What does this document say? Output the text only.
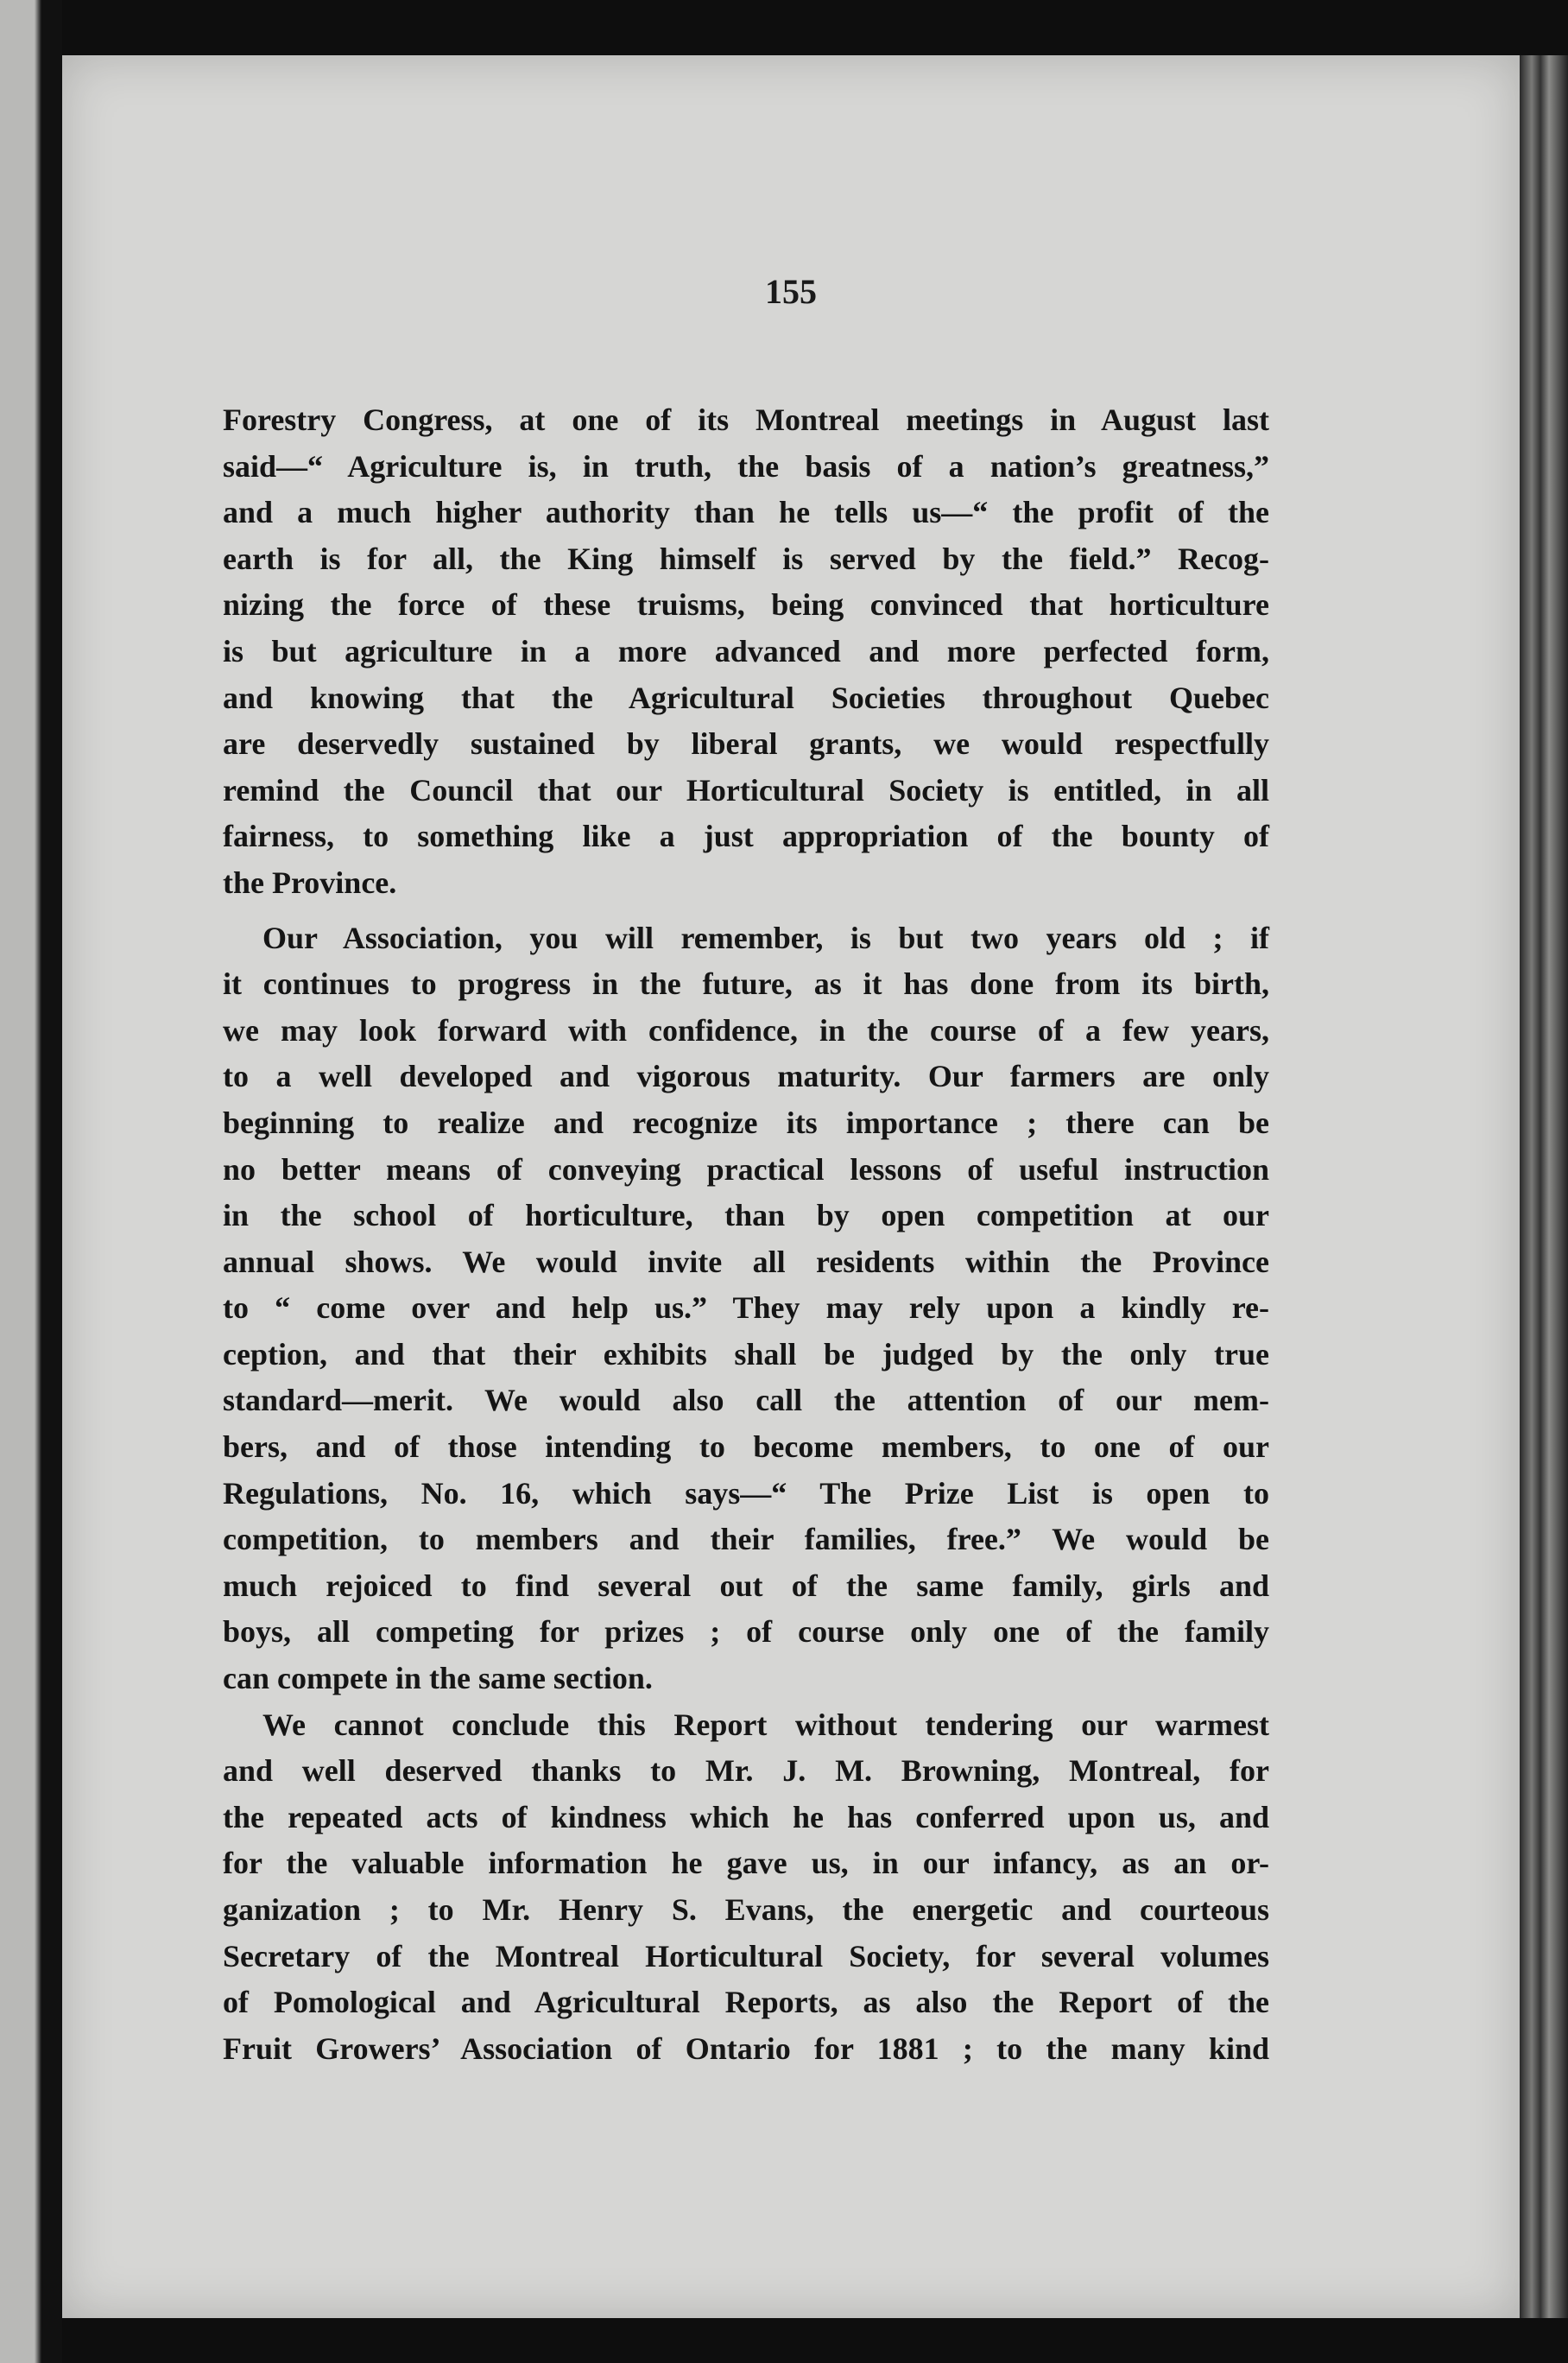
155
Forestry Congress, at one of its Montreal meetings in August last
said—“ Agriculture is, in truth, the basis of a nation’s greatness,”
and a much higher authority than he tells us—“ the profit of the
earth is for all, the King himself is served by the field.” Recog-
nizing the force of these truisms, being convinced that horticulture
is but agriculture in a more advanced and more perfected form,
and knowing that the Agricultural Societies throughout Quebec
are deservedly sustained by liberal grants, we would respectfully
remind the Council that our Horticultural Society is entitled, in all
fairness, to something like a just appropriation of the bounty of
the Province.
Our Association, you will remember, is but two years old ; if
it continues to progress in the future, as it has done from its birth,
we may look forward with confidence, in the course of a few years,
to a well developed and vigorous maturity. Our farmers are only
beginning to realize and recognize its importance ; there can be
no better means of conveying practical lessons of useful instruction
in the school of horticulture, than by open competition at our
annual shows. We would invite all residents within the Province
to “ come over and help us.” They may rely upon a kindly re-
ception, and that their exhibits shall be judged by the only true
standard—merit. We would also call the attention of our mem-
bers, and of those intending to become members, to one of our
Regulations, No. 16, which says—“ The Prize List is open to
competition, to members and their families, free.” We would be
much rejoiced to find several out of the same family, girls and
boys, all competing for prizes ; of course only one of the family
can compete in the same section.
We cannot conclude this Report without tendering our warmest
and well deserved thanks to Mr. J. M. Browning, Montreal, for
the repeated acts of kindness which he has conferred upon us, and
for the valuable information he gave us, in our infancy, as an or-
ganization ; to Mr. Henry S. Evans, the energetic and courteous
Secretary of the Montreal Horticultural Society, for several volumes
of Pomological and Agricultural Reports, as also the Report of the
Fruit Growers’ Association of Ontario for 1881 ; to the many kind
